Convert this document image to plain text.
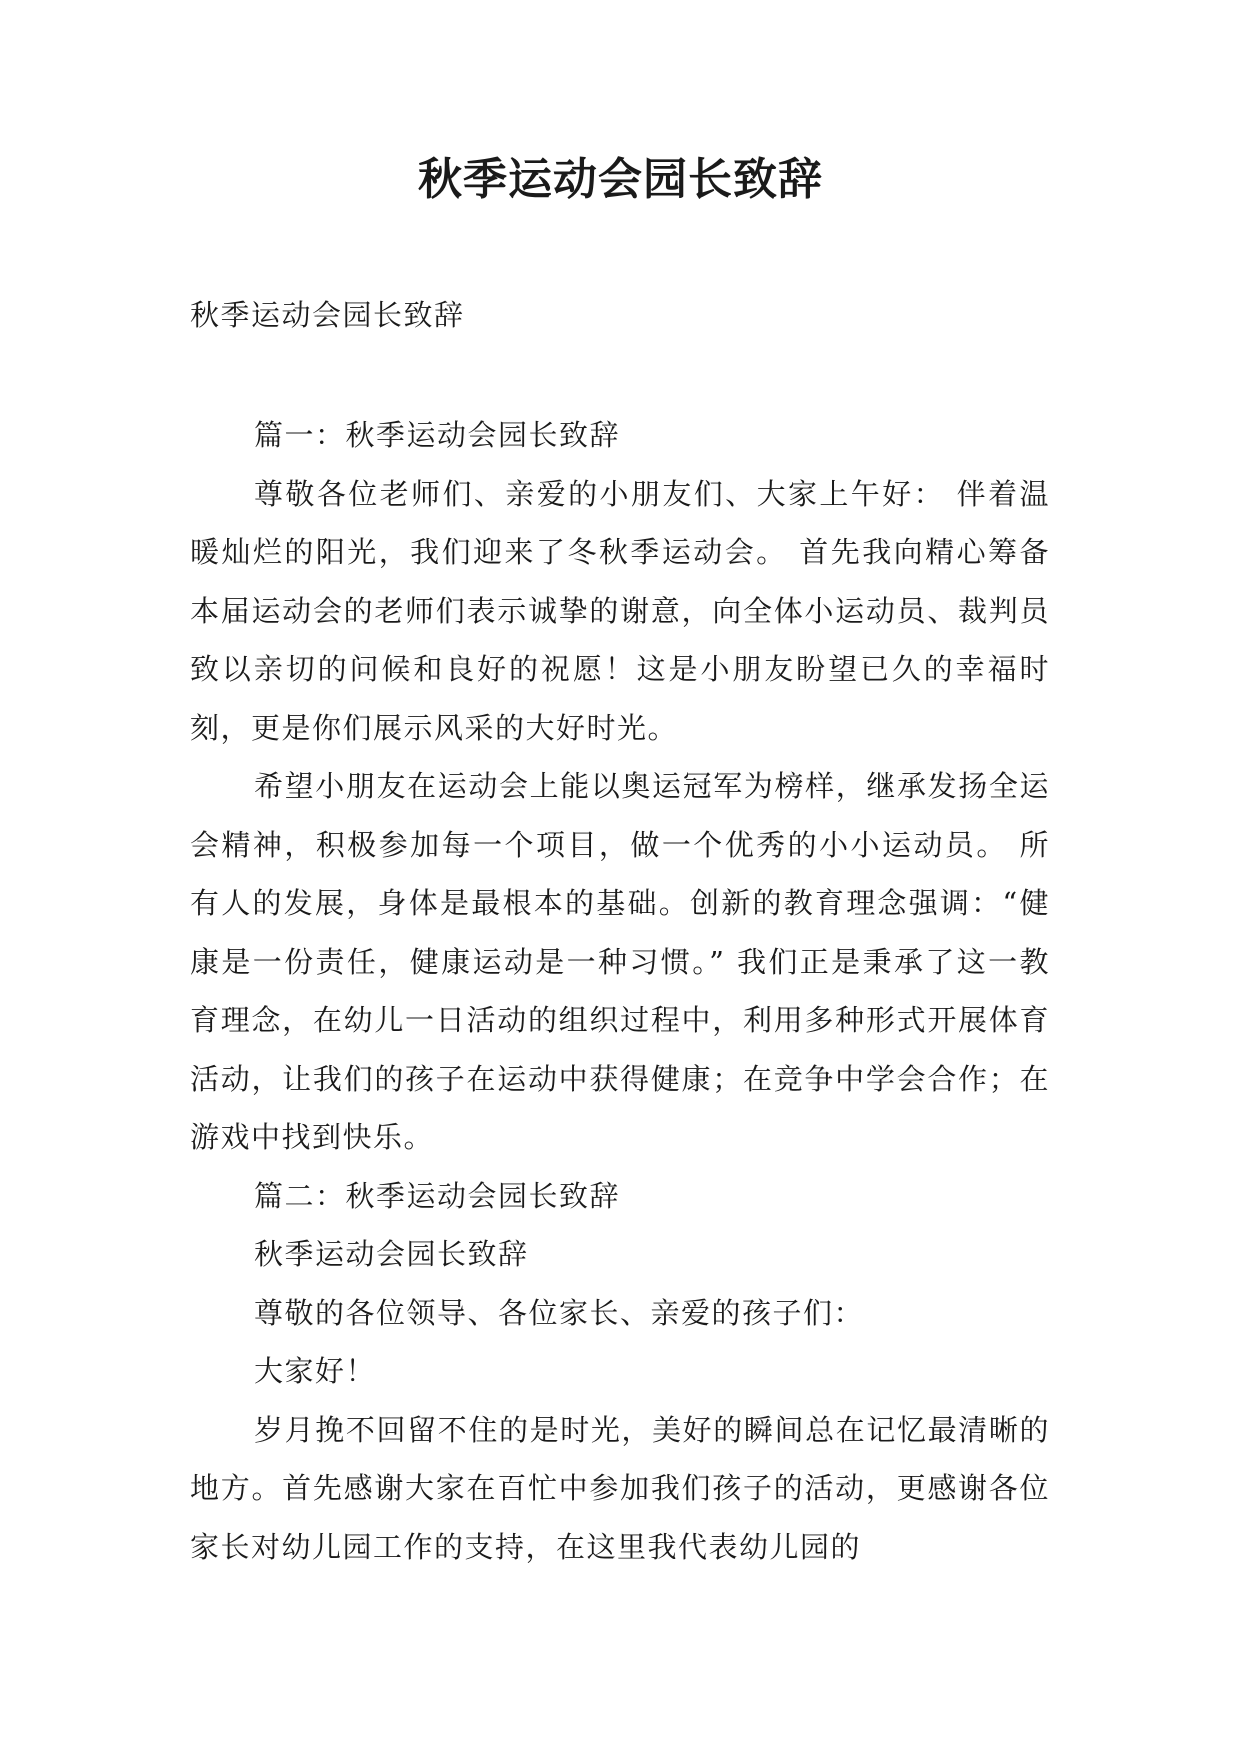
秋季运动会园长致辞

秋季运动会园长致辞

篇一：秋季运动会园长致辞

尊敬各位老师们、亲爱的小朋友们、大家上午好： 伴着温暖灿烂的阳光，我们迎来了冬秋季运动会。 首先我向精心筹备本届运动会的老师们表示诚挚的谢意，向全体小运动员、裁判员致以亲切的问候和良好的祝愿！这是小朋友盼望已久的幸福时刻，更是你们展示风采的大好时光。

希望小朋友在运动会上能以奥运冠军为榜样，继承发扬全运会精神，积极参加每一个项目，做一个优秀的小小运动员。 所有人的发展，身体是最根本的基础。创新的教育理念强调：“健康是一份责任，健康运动是一种习惯。” 我们正是秉承了这一教育理念，在幼儿一日活动的组织过程中，利用多种形式开展体育活动，让我们的孩子在运动中获得健康；在竞争中学会合作；在游戏中找到快乐。

篇二：秋季运动会园长致辞

秋季运动会园长致辞

尊敬的各位领导、各位家长、亲爱的孩子们：

大家好！

岁月挽不回留不住的是时光，美好的瞬间总在记忆最清晰的地方。首先感谢大家在百忙中参加我们孩子的活动，更感谢各位家长对幼儿园工作的支持，在这里我代表幼儿园的
